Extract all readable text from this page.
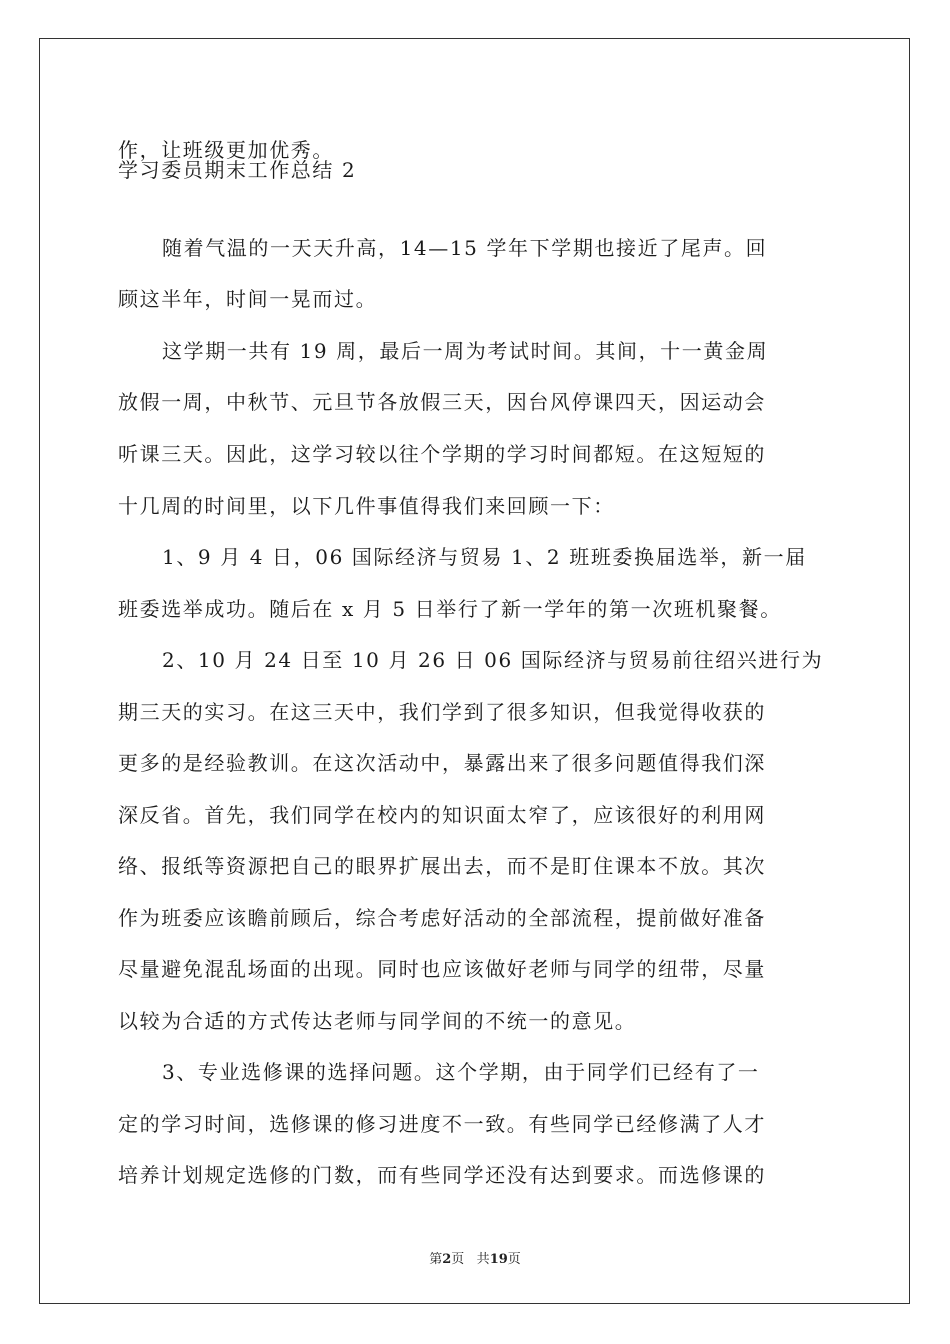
作，让班级更加优秀。

学习委员期末工作总结 2

随着气温的一天天升高，14—15 学年下学期也接近了尾声。回

顾这半年，时间一晃而过。

这学期一共有 19 周，最后一周为考试时间。其间，十一黄金周

放假一周，中秋节、元旦节各放假三天，因台风停课四天，因运动会

听课三天。因此，这学习较以往个学期的学习时间都短。在这短短的

十几周的时间里，以下几件事值得我们来回顾一下：

1、9 月 4 日，06 国际经济与贸易 1、2 班班委换届选举，新一届

班委选举成功。随后在 x 月 5 日举行了新一学年的第一次班机聚餐。

2、10 月 24 日至 10 月 26 日 06 国际经济与贸易前往绍兴进行为

期三天的实习。在这三天中，我们学到了很多知识，但我觉得收获的

更多的是经验教训。在这次活动中，暴露出来了很多问题值得我们深

深反省。首先，我们同学在校内的知识面太窄了，应该很好的利用网

络、报纸等资源把自己的眼界扩展出去，而不是盯住课本不放。其次

作为班委应该瞻前顾后，综合考虑好活动的全部流程，提前做好准备

尽量避免混乱场面的出现。同时也应该做好老师与同学的纽带，尽量

以较为合适的方式传达老师与同学间的不统一的意见。

3、专业选修课的选择问题。这个学期，由于同学们已经有了一

定的学习时间，选修课的修习进度不一致。有些同学已经修满了人才

培养计划规定选修的门数，而有些同学还没有达到要求。而选修课的

第2页 共19页
